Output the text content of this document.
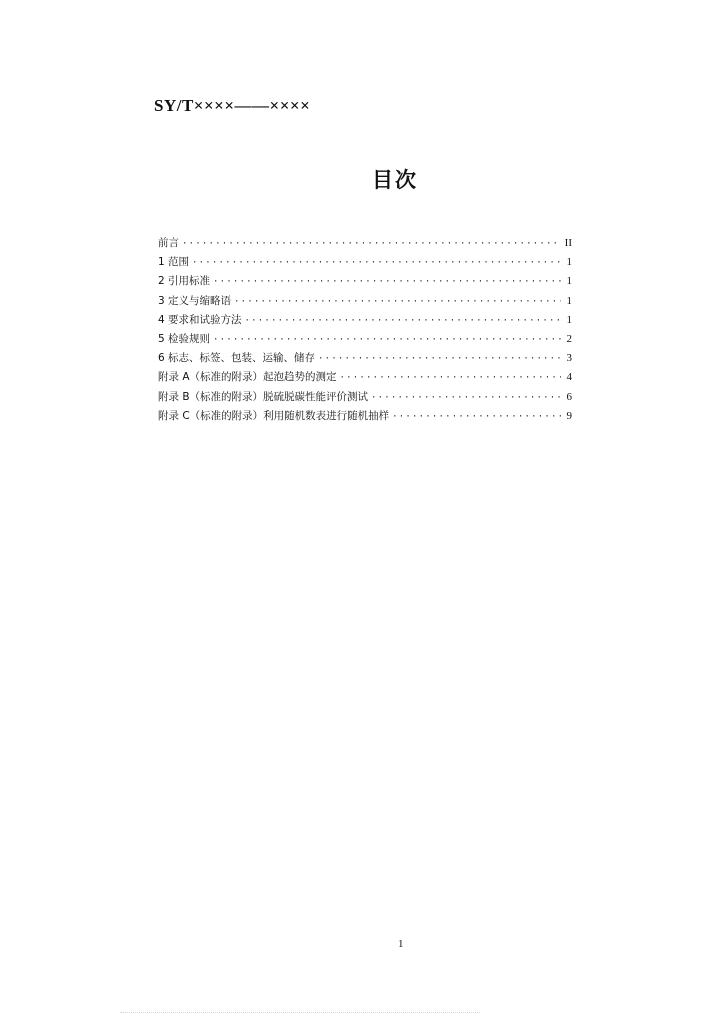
SY/T××××——××××
目次
前言 ·····	II
1 范围 ·····	1
2 引用标准 ·····	1
3 定义与缩略语 ·····	1
4 要求和试验方法 ·····	1
5 检验规则 ·····	2
6 标志、标签、包装、运输、储存 ·····	3
附录 A（标准的附录）起泡趋势的测定 ·····	4
附录 B（标准的附录）脱硫脱碳性能评价测试 ·····	6
附录 C（标准的附录）利用随机数表进行随机抽样 ·····	9
1
